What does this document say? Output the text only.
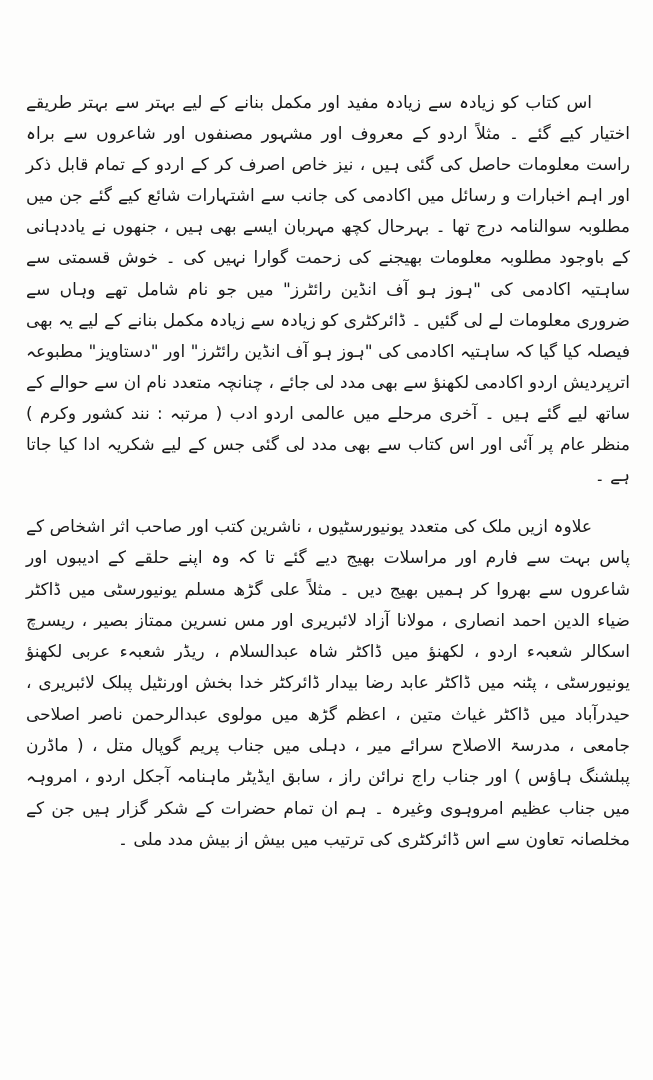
اس کتاب کو زیادہ سے زیادہ مفید اور مکمل بنانے کے لیے بہتر سے بہتر طریقے اختیار کیے گئے ۔ مثلاً اردو کے معروف اور مشہور مصنفوں اور شاعروں سے براہ راست معلومات حاصل کی گئی ہیں ، نیز خاص اصرف کر کے اردو کے تمام قابل ذکر اور اہم اخبارات و رسائل میں اکادمی کی جانب سے اشتہارات شائع کیے گئے جن میں مطلوبہ سوالنامہ درج تھا ۔ بہرحال کچھ مہربان ایسے بھی ہیں ، جنھوں نے یاددہانی کے باوجود مطلوبہ معلومات بھیجنے کی زحمت گوارا نہیں کی ۔ خوش قسمتی سے ساہتیہ اکادمی کی "ہوز ہو آف انڈین رائٹرز" میں جو نام شامل تھے وہاں سے ضروری معلومات لے لی گئیں ۔ ڈائرکٹری کو زیادہ سے زیادہ مکمل بنانے کے لیے یہ بھی فیصلہ کیا گیا کہ ساہتیہ اکادمی کی "ہوز ہو آف انڈین رائٹرز" اور "دستاویز" مطبوعہ اترپردیش اردو اکادمی لکھنؤ سے بھی مدد لی جائے ، چنانچہ متعدد نام ان سے حوالے کے ساتھ لیے گئے ہیں ۔ آخری مرحلے میں عالمی اردو ادب ( مرتبہ : نند کشور وکرم ) منظر عام پر آئی اور اس کتاب سے بھی مدد لی گئی جس کے لیے شکریہ ادا کیا جاتا ہے ۔

علاوہ ازیں ملک کی متعدد یونیورسٹیوں ، ناشرین کتب اور صاحب اثر اشخاص کے پاس بہت سے فارم اور مراسلات بھیج دیے گئے تا کہ وہ اپنے حلقے کے ادیبوں اور شاعروں سے بھروا کر ہمیں بھیج دیں ۔ مثلاً علی گڑھ مسلم یونیورسٹی میں ڈاکٹر ضیاء الدین احمد انصاری ، مولانا آزاد لائبریری اور مس نسرین ممتاز بصیر ، ریسرچ اسکالر شعبہء اردو ، لکھنؤ میں ڈاکٹر شاہ عبدالسلام ، ریڈر شعبہء عربی لکھنؤ یونیورسٹی ، پٹنہ میں ڈاکٹر عابد رضا بیدار ڈائرکٹر خدا بخش اورنٹیل پبلک لائبریری ، حیدرآباد میں ڈاکٹر غیاث متین ، اعظم گڑھ میں مولوی عبدالرحمن ناصر اصلاحی جامعی ، مدرسۃ الاصلاح سرائے میر ، دہلی میں جناب پریم گوپال متل ، ( ماڈرن پبلشنگ ہاؤس ) اور جناب راج نرائن راز ، سابق ایڈیٹر ماہنامہ آجکل اردو ، امروہہ میں جناب عظیم امروہوی وغیرہ ۔ ہم ان تمام حضرات کے شکر گزار ہیں جن کے مخلصانہ تعاون سے اس ڈائرکٹری کی ترتیب میں بیش از بیش مدد ملی ۔
